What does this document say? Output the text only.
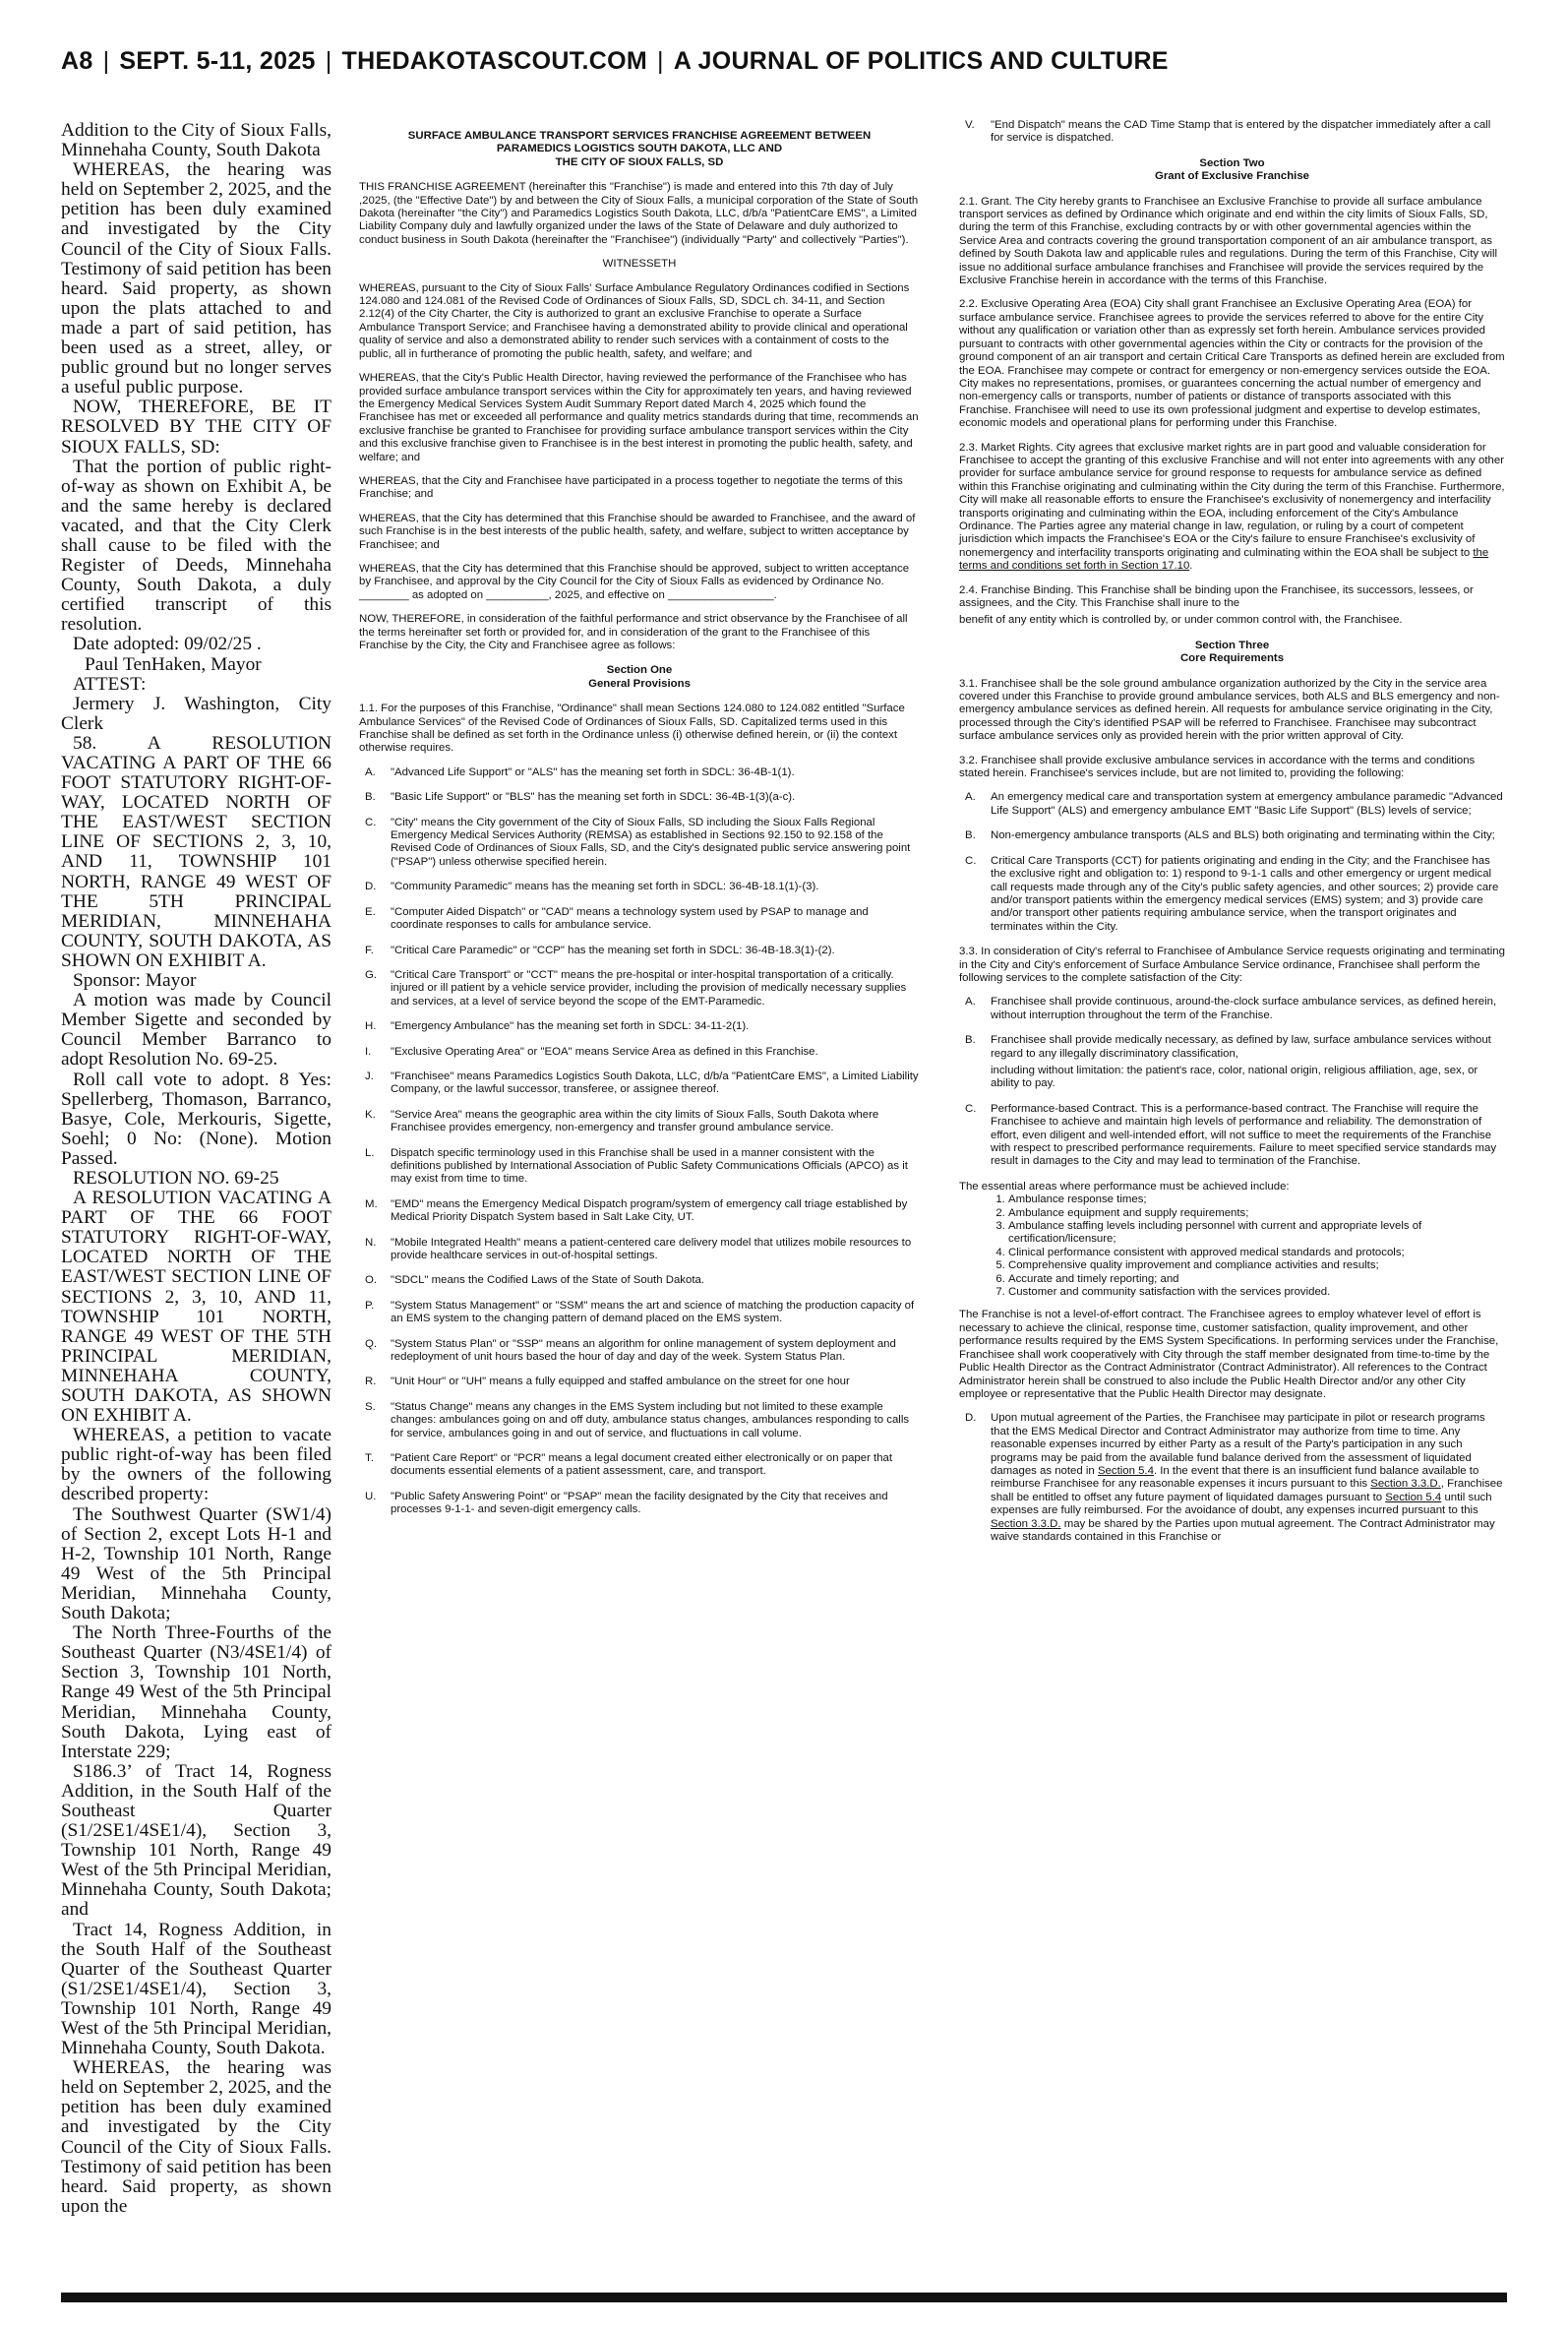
A8 | SEPT. 5-11, 2025 | THEDAKOTASCOUT.COM | A JOURNAL OF POLITICS AND CULTURE

Addition to the City of Sioux Falls, Minnehaha County, South Dakota

WHEREAS, the hearing was held on September 2, 2025, and the petition has been duly examined and investigated by the City Council of the City of Sioux Falls. Testimony of said petition has been heard. Said property, as shown upon the plats attached to and made a part of said petition, has been used as a street, alley, or public ground but no longer serves a useful public purpose.

NOW, THEREFORE, BE IT RESOLVED BY THE CITY OF SIOUX FALLS, SD:

That the portion of public right-of-way as shown on Exhibit A, be and the same hereby is declared vacated, and that the City Clerk shall cause to be filed with the Register of Deeds, Minnehaha County, South Dakota, a duly certified transcript of this resolution.

Date adopted: 09/02/25 .

Paul TenHaken, Mayor

ATTEST:

Jermery J. Washington, City Clerk

58. A RESOLUTION VACATING A PART OF THE 66 FOOT STATUTORY RIGHT-OF-WAY, LOCATED NORTH OF THE EAST/WEST SECTION LINE OF SECTIONS 2, 3, 10, AND 11, TOWNSHIP 101 NORTH, RANGE 49 WEST OF THE 5TH PRINCIPAL MERIDIAN, MINNEHAHA COUNTY, SOUTH DAKOTA, AS SHOWN ON EXHIBIT A.

Sponsor: Mayor

A motion was made by Council Member Sigette and seconded by Council Member Barranco to adopt Resolution No. 69-25.

Roll call vote to adopt. 8 Yes: Spellerberg, Thomason, Barranco, Basye, Cole, Merkouris, Sigette, Soehl; 0 No: (None). Motion Passed.

RESOLUTION NO. 69-25

A RESOLUTION VACATING A PART OF THE 66 FOOT STATUTORY RIGHT-OF-WAY, LOCATED NORTH OF THE EAST/WEST SECTION LINE OF SECTIONS 2, 3, 10, AND 11, TOWNSHIP 101 NORTH, RANGE 49 WEST OF THE 5TH PRINCIPAL MERIDIAN, MINNEHAHA COUNTY, SOUTH DAKOTA, AS SHOWN ON EXHIBIT A.

WHEREAS, a petition to vacate public right-of-way has been filed by the owners of the following described property:

The Southwest Quarter (SW1/4) of Section 2, except Lots H-1 and H-2, Township 101 North, Range 49 West of the 5th Principal Meridian, Minnehaha County, South Dakota;

The North Three-Fourths of the Southeast Quarter (N3/4SE1/4) of Section 3, Township 101 North, Range 49 West of the 5th Principal Meridian, Minnehaha County, South Dakota, Lying east of Interstate 229;

S186.3’ of Tract 14, Rogness Addition, in the South Half of the Southeast Quarter (S1/2SE1/4SE1/4), Section 3, Township 101 North, Range 49 West of the 5th Principal Meridian, Minnehaha County, South Dakota; and

Tract 14, Rogness Addition, in the South Half of the Southeast Quarter of the Southeast Quarter (S1/2SE1/4SE1/4), Section 3, Township 101 North, Range 49 West of the 5th Principal Meridian, Minnehaha County, South Dakota.

WHEREAS, the hearing was held on September 2, 2025, and the petition has been duly examined and investigated by the City Council of the City of Sioux Falls. Testimony of said petition has been heard. Said property, as shown upon the

SURFACE AMBULANCE TRANSPORT SERVICES FRANCHISE AGREEMENT BETWEEN
PARAMEDICS LOGISTICS SOUTH DAKOTA, LLC AND
THE CITY OF SIOUX FALLS, SD

THIS FRANCHISE AGREEMENT (hereinafter this "Franchise") is made and entered into this 7th day of July ,2025, (the "Effective Date") by and between the City of Sioux Falls, a municipal corporation of the State of South Dakota (hereinafter "the City") and Paramedics Logistics South Dakota, LLC, d/b/a "PatientCare EMS", a Limited Liability Company duly and lawfully organized under the laws of the State of Delaware and duly authorized to conduct business in South Dakota (hereinafter the "Franchisee") (individually "Party" and collectively "Parties").

WITNESSETH

WHEREAS, pursuant to the City of Sioux Falls' Surface Ambulance Regulatory Ordinances codified in Sections 124.080 and 124.081 of the Revised Code of Ordinances of Sioux Falls, SD, SDCL ch. 34-11, and Section 2.12(4) of the City Charter, the City is authorized to grant an exclusive Franchise to operate a Surface Ambulance Transport Service; and Franchisee having a demonstrated ability to provide clinical and operational quality of service and also a demonstrated ability to render such services with a containment of costs to the public, all in furtherance of promoting the public health, safety, and welfare; and

WHEREAS, that the City's Public Health Director, having reviewed the performance of the Franchisee who has provided surface ambulance transport services within the City for approximately ten years, and having reviewed the Emergency Medical Services System Audit Summary Report dated March 4, 2025 which found the Franchisee has met or exceeded all performance and quality metrics standards during that time, recommends an exclusive franchise be granted to Franchisee for providing surface ambulance transport services within the City and this exclusive franchise given to Franchisee is in the best interest in promoting the public health, safety, and welfare; and

WHEREAS, that the City and Franchisee have participated in a process together to negotiate the terms of this Franchise; and

WHEREAS, that the City has determined that this Franchise should be awarded to Franchisee, and the award of such Franchise is in the best interests of the public health, safety, and welfare, subject to written acceptance by Franchisee; and

WHEREAS, that the City has determined that this Franchise should be approved, subject to written acceptance by Franchisee, and approval by the City Council for the City of Sioux Falls as evidenced by Ordinance No. ________ as adopted on __________, 2025, and effective on _________________.

NOW, THEREFORE, in consideration of the faithful performance and strict observance by the Franchisee of all the terms hereinafter set forth or provided for, and in consideration of the grant to the Franchisee of this Franchise by the City, the City and Franchisee agree as follows:

Section One
General Provisions

1.1. For the purposes of this Franchise, "Ordinance" shall mean Sections 124.080 to 124.082 entitled "Surface Ambulance Services" of the Revised Code of Ordinances of Sioux Falls, SD. Capitalized terms used in this Franchise shall be defined as set forth in the Ordinance unless (i) otherwise defined herein, or (ii) the context otherwise requires.

A.	"Advanced Life Support" or "ALS" has the meaning set forth in SDCL: 36-4B-1(1).
B.	"Basic Life Support" or "BLS" has the meaning set forth in SDCL: 36-4B-1(3)(a-c).
C.	"City" means the City government of the City of Sioux Falls, SD including the Sioux Falls Regional Emergency Medical Services Authority (REMSA) as established in Sections 92.150 to 92.158 of the Revised Code of Ordinances of Sioux Falls, SD, and the City's designated public service answering point ("PSAP") unless otherwise specified herein.
D.	"Community Paramedic" means has the meaning set forth in SDCL: 36-4B-18.1(1)-(3).
E.	"Computer Aided Dispatch" or "CAD" means a technology system used by PSAP to manage and coordinate responses to calls for ambulance service.
F.	"Critical Care Paramedic" or "CCP" has the meaning set forth in SDCL: 36-4B-18.3(1)-(2).
G.	"Critical Care Transport" or "CCT" means the pre-hospital or inter-hospital transportation of a critically. injured or ill patient by a vehicle service provider, including the provision of medically necessary supplies and services, at a level of service beyond the scope of the EMT-Paramedic.
H.	"Emergency Ambulance" has the meaning set forth in SDCL: 34-11-2(1).
I.	"Exclusive Operating Area" or "EOA" means Service Area as defined in this Franchise.
J.	"Franchisee" means Paramedics Logistics South Dakota, LLC, d/b/a "PatientCare EMS", a Limited Liability Company, or the lawful successor, transferee, or assignee thereof.
K.	"Service Area" means the geographic area within the city limits of Sioux Falls, South Dakota where Franchisee provides emergency, non-emergency and transfer ground ambulance service.
L.	Dispatch specific terminology used in this Franchise shall be used in a manner consistent with the definitions published by International Association of Public Safety Communications Officials (APCO) as it may exist from time to time.
M.	"EMD" means the Emergency Medical Dispatch program/system of emergency call triage established by Medical Priority Dispatch System based in Salt Lake City, UT.
N.	"Mobile Integrated Health" means a patient-centered care delivery model that utilizes mobile resources to provide healthcare services in out-of-hospital settings.
O.	"SDCL" means the Codified Laws of the State of South Dakota.
P.	"System Status Management" or "SSM" means the art and science of matching the production capacity of an EMS system to the changing pattern of demand placed on the EMS system.
Q.	"System Status Plan" or "SSP" means an algorithm for online management of system deployment and redeployment of unit hours based the hour of day and day of the week. System Status Plan.
R.	"Unit Hour" or "UH" means a fully equipped and staffed ambulance on the street for one hour
S.	"Status Change" means any changes in the EMS System including but not limited to these example changes: ambulances going on and off duty, ambulance status changes, ambulances responding to calls for service, ambulances going in and out of service, and fluctuations in call volume.
T.	"Patient Care Report" or "PCR" means a legal document created either electronically or on paper that documents essential elements of a patient assessment, care, and transport.
U.	"Public Safety Answering Point" or "PSAP" mean the facility designated by the City that receives and processes 9-1-1- and seven-digit emergency calls.
V.	"End Dispatch" means the CAD Time Stamp that is entered by the dispatcher immediately after a call for service is dispatched.
Section Two
Grant of Exclusive Franchise

2.1. Grant. The City hereby grants to Franchisee an Exclusive Franchise to provide all surface ambulance transport services as defined by Ordinance which originate and end within the city limits of Sioux Falls, SD, during the term of this Franchise, excluding contracts by or with other governmental agencies within the Service Area and contracts covering the ground transportation component of an air ambulance transport, as defined by South Dakota law and applicable rules and regulations. During the term of this Franchise, City will issue no additional surface ambulance franchises and Franchisee will provide the services required by the Exclusive Franchise herein in accordance with the terms of this Franchise.

2.2. Exclusive Operating Area (EOA) City shall grant Franchisee an Exclusive Operating Area (EOA) for surface ambulance service. Franchisee agrees to provide the services referred to above for the entire City without any qualification or variation other than as expressly set forth herein. Ambulance services provided pursuant to contracts with other governmental agencies within the City or contracts for the provision of the ground component of an air transport and certain Critical Care Transports as defined herein are excluded from the EOA. Franchisee may compete or contract for emergency or non-emergency services outside the EOA. City makes no representations, promises, or guarantees concerning the actual number of emergency and non-emergency calls or transports, number of patients or distance of transports associated with this Franchise. Franchisee will need to use its own professional judgment and expertise to develop estimates, economic models and operational plans for performing under this Franchise.

2.3. Market Rights. City agrees that exclusive market rights are in part good and valuable consideration for Franchisee to accept the granting of this exclusive Franchise and will not enter into agreements with any other provider for surface ambulance service for ground response to requests for ambulance service as defined within this Franchise originating and culminating within the City during the term of this Franchise. Furthermore, City will make all reasonable efforts to ensure the Franchisee's exclusivity of nonemergency and interfacility transports originating and culminating within the EOA, including enforcement of the City's Ambulance Ordinance. The Parties agree any material change in law, regulation, or ruling by a court of competent jurisdiction which impacts the Franchisee's EOA or the City's failure to ensure Franchisee's exclusivity of nonemergency and interfacility transports originating and culminating within the EOA shall be subject to the terms and conditions set forth in Section 17.10.

2.4. Franchise Binding. This Franchise shall be binding upon the Franchisee, its successors, lessees, or assignees, and the City. This Franchise shall inure to the

benefit of any entity which is controlled by, or under common control with, the Franchisee.

Section Three
Core Requirements

3.1. Franchisee shall be the sole ground ambulance organization authorized by the City in the service area covered under this Franchise to provide ground ambulance services, both ALS and BLS emergency and non-emergency ambulance services as defined herein. All requests for ambulance service originating in the City, processed through the City's identified PSAP will be referred to Franchisee. Franchisee may subcontract surface ambulance services only as provided herein with the prior written approval of City.

3.2. Franchisee shall provide exclusive ambulance services in accordance with the terms and conditions stated herein. Franchisee's services include, but are not limited to, providing the following:

A.	An emergency medical care and transportation system at emergency ambulance paramedic "Advanced Life Support" (ALS) and emergency ambulance EMT "Basic Life Support" (BLS) levels of service;
B.	Non-emergency ambulance transports (ALS and BLS) both originating and terminating within the City;
C.	Critical Care Transports (CCT) for patients originating and ending in the City; and the Franchisee has the exclusive right and obligation to: 1) respond to 9-1-1 calls and other emergency or urgent medical call requests made through any of the City's public safety agencies, and other sources; 2) provide care and/or transport patients within the emergency medical services (EMS) system; and 3) provide care and/or transport other patients requiring ambulance service, when the transport originates and terminates within the City.

3.3. In consideration of City's referral to Franchisee of Ambulance Service requests originating and terminating in the City and City's enforcement of Surface Ambulance Service ordinance, Franchisee shall perform the following services to the complete satisfaction of the City:

A.	Franchisee shall provide continuous, around-the-clock surface ambulance services, as defined herein, without interruption throughout the term of the Franchise.
B.	Franchisee shall provide medically necessary, as defined by law, surface ambulance services without regard to any illegally discriminatory classification,
including without limitation: the patient's race, color, national origin, religious affiliation, age, sex, or ability to pay.
C.	Performance-based Contract. This is a performance-based contract. The Franchise will require the Franchisee to achieve and maintain high levels of performance and reliability. The demonstration of effort, even diligent and well-intended effort, will not suffice to meet the requirements of the Franchise with respect to prescribed performance requirements. Failure to meet specified service standards may result in damages to the City and may lead to termination of the Franchise.

The essential areas where performance must be achieved include:

1. Ambulance response times;
2. Ambulance equipment and supply requirements;
3. Ambulance staffing levels including personnel with current and appropriate levels of certification/licensure;
4. Clinical performance consistent with approved medical standards and protocols;
5. Comprehensive quality improvement and compliance activities and results;
6. Accurate and timely reporting; and
7. Customer and community satisfaction with the services provided.

The Franchise is not a level-of-effort contract. The Franchisee agrees to employ whatever level of effort is necessary to achieve the clinical, response time, customer satisfaction, quality improvement, and other performance results required by the EMS System Specifications. In performing services under the Franchise, Franchisee shall work cooperatively with City through the staff member designated from time-to-time by the Public Health Director as the Contract Administrator (Contract Administrator). All references to the Contract Administrator herein shall be construed to also include the Public Health Director and/or any other City employee or representative that the Public Health Director may designate.

D.	Upon mutual agreement of the Parties, the Franchisee may participate in pilot or research programs that the EMS Medical Director and Contract Administrator may authorize from time to time. Any reasonable expenses incurred by either Party as a result of the Party's participation in any such programs may be paid from the available fund balance derived from the assessment of liquidated damages as noted in Section 5.4. In the event that there is an insufficient fund balance available to reimburse Franchisee for any reasonable expenses it incurs pursuant to this Section 3.3.D., Franchisee shall be entitled to offset any future payment of liquidated damages pursuant to Section 5.4 until such expenses are fully reimbursed. For the avoidance of doubt, any expenses incurred pursuant to this Section 3.3.D. may be shared by the Parties upon mutual agreement. The Contract Administrator may waive standards contained in this Franchise or
